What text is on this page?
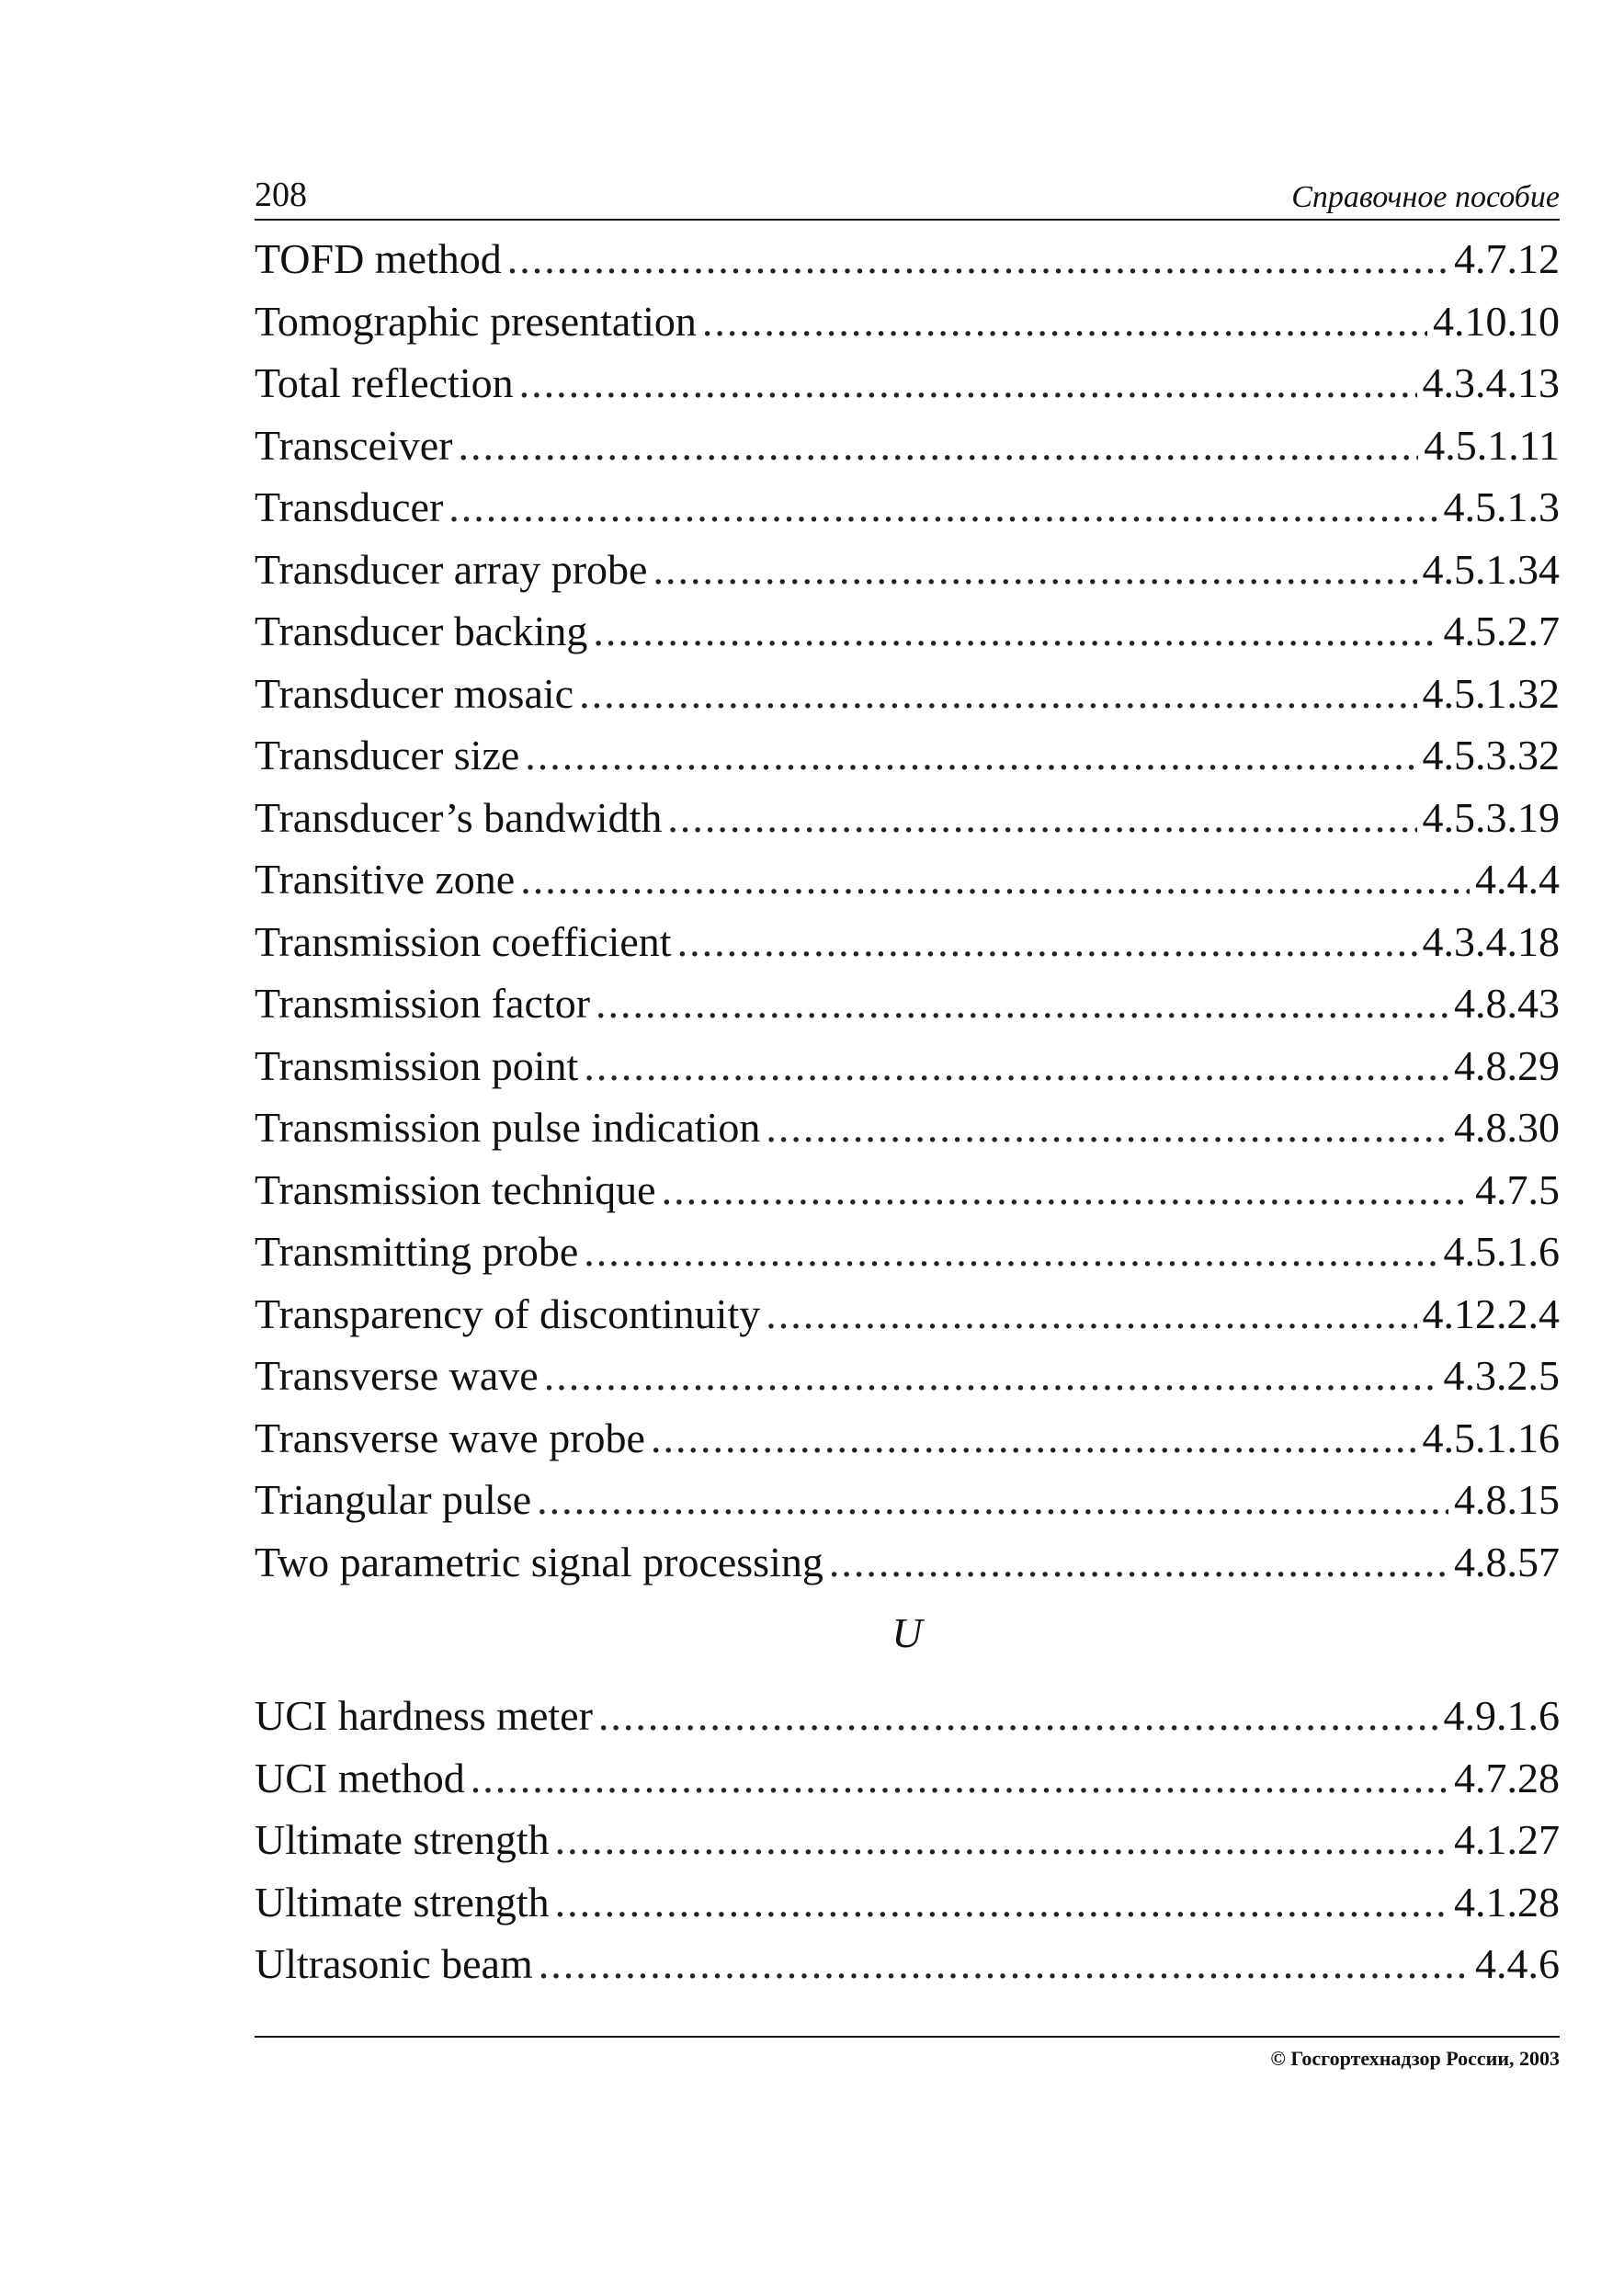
208	Справочное пособие
TOFD method .....	4.7.12
Tomographic presentation .....	4.10.10
Total reflection .....	4.3.4.13
Transceiver .....	4.5.1.11
Transducer .....	4.5.1.3
Transducer array probe .....	4.5.1.34
Transducer backing .....	4.5.2.7
Transducer mosaic .....	4.5.1.32
Transducer size .....	4.5.3.32
Transducer’s bandwidth .....	4.5.3.19
Transitive zone .....	4.4.4
Transmission coefficient .....	4.3.4.18
Transmission factor .....	4.8.43
Transmission point .....	4.8.29
Transmission pulse indication .....	4.8.30
Transmission technique .....	4.7.5
Transmitting probe .....	4.5.1.6
Transparency of discontinuity .....	4.12.2.4
Transverse wave .....	4.3.2.5
Transverse wave probe .....	4.5.1.16
Triangular pulse .....	4.8.15
Two parametric signal processing .....	4.8.57
U
UCI hardness meter .....	4.9.1.6
UCI method .....	4.7.28
Ultimate strength .....	4.1.27
Ultimate strength .....	4.1.28
Ultrasonic beam .....	4.4.6
© Госгортехнадзор России, 2003
